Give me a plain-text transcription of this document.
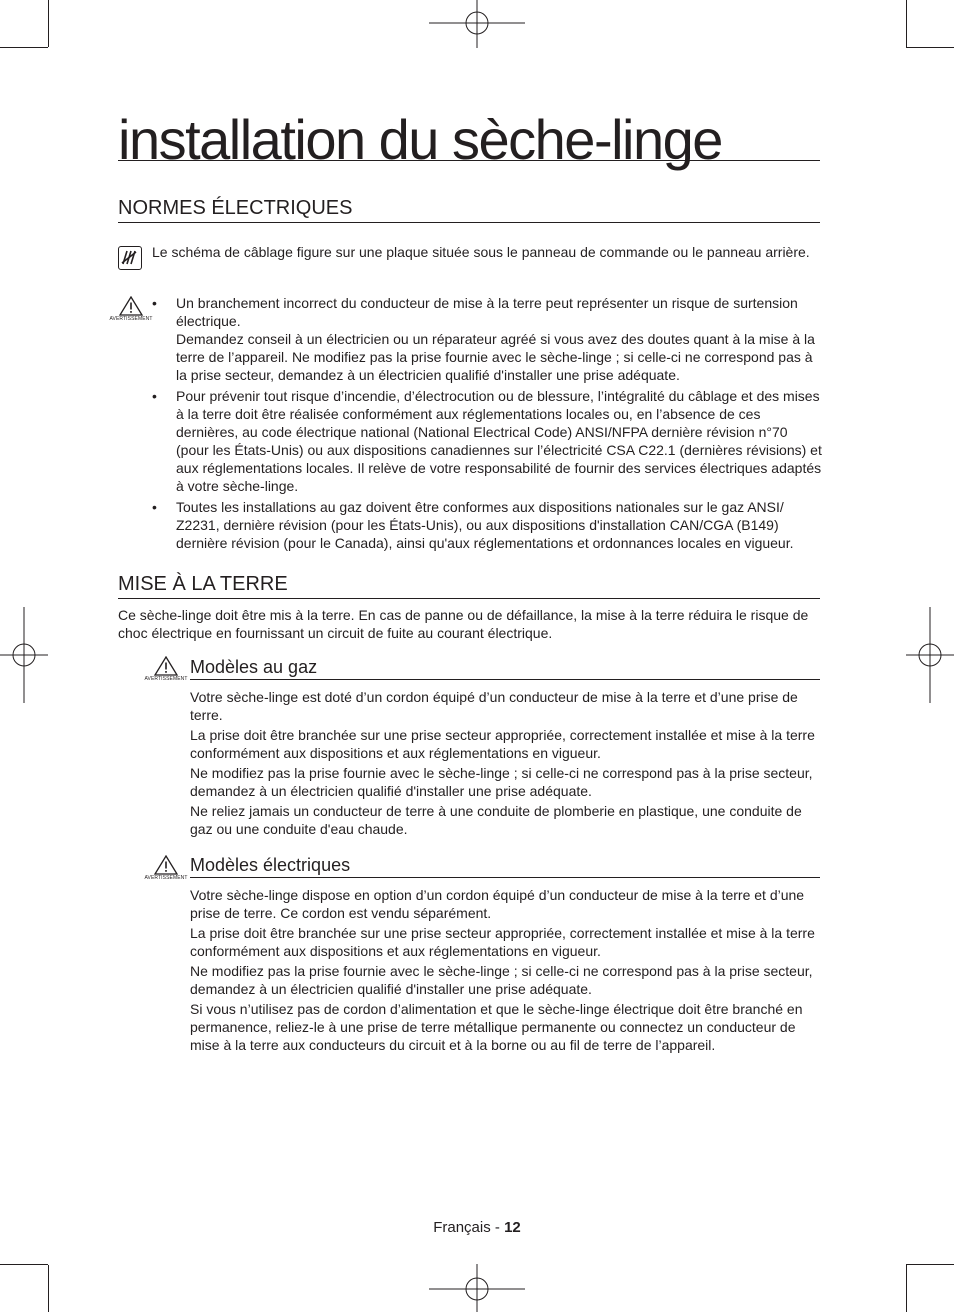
installation du sèche-linge
NORMES ÉLECTRIQUES

Le schéma de câblage figure sur une plaque située sous le panneau de commande ou le panneau arrière.

AVERTISSEMENT
• Un branchement incorrect du conducteur de mise à la terre peut représenter un risque de surtension électrique.
Demandez conseil à un électricien ou un réparateur agréé si vous avez des doutes quant à la mise à la terre de l’appareil. Ne modifiez pas la prise fournie avec le sèche-linge ; si celle-ci ne correspond pas à la prise secteur, demandez à un électricien qualifié d'installer une prise adéquate.
• Pour prévenir tout risque d’incendie, d’électrocution ou de blessure, l’intégralité du câblage et des mises à la terre doit être réalisée conformément aux réglementations locales ou, en l’absence de ces dernières, au code électrique national (National Electrical Code) ANSI/NFPA dernière révision n°70 (pour les États-Unis) ou aux dispositions canadiennes sur l’électricité CSA C22.1 (dernières révisions) et aux réglementations locales. Il relève de votre responsabilité de fournir des services électriques adaptés à votre sèche-linge.
• Toutes les installations au gaz doivent être conformes aux dispositions nationales sur le gaz ANSI/ Z2231, dernière révision (pour les États-Unis), ou aux dispositions d'installation CAN/CGA (B149) dernière révision (pour le Canada), ainsi qu'aux réglementations et ordonnances locales en vigueur.
MISE À LA TERRE

Ce sèche-linge doit être mis à la terre. En cas de panne ou de défaillance, la mise à la terre réduira le risque de choc électrique en fournissant un circuit de fuite au courant électrique.

AVERTISSEMENT
Modèles au gaz

Votre sèche-linge est doté d’un cordon équipé d’un conducteur de mise à la terre et d’une prise de terre.

La prise doit être branchée sur une prise secteur appropriée, correctement installée et mise à la terre conformément aux dispositions et aux réglementations en vigueur.

Ne modifiez pas la prise fournie avec le sèche-linge ; si celle-ci ne correspond pas à la prise secteur, demandez à un électricien qualifié d'installer une prise adéquate.

Ne reliez jamais un conducteur de terre à une conduite de plomberie en plastique, une conduite de gaz ou une conduite d'eau chaude.

AVERTISSEMENT
Modèles électriques

Votre sèche-linge dispose en option d’un cordon équipé d’un conducteur de mise à la terre et d’une prise de terre. Ce cordon est vendu séparément.

La prise doit être branchée sur une prise secteur appropriée, correctement installée et mise à la terre conformément aux dispositions et aux réglementations en vigueur.

Ne modifiez pas la prise fournie avec le sèche-linge ; si celle-ci ne correspond pas à la prise secteur, demandez à un électricien qualifié d'installer une prise adéquate.

Si vous n’utilisez pas de cordon d’alimentation et que le sèche-linge électrique doit être branché en permanence, reliez-le à une prise de terre métallique permanente ou connectez un conducteur de mise à la terre aux conducteurs du circuit et à la borne ou au fil de terre de l’appareil.

Français - 12
